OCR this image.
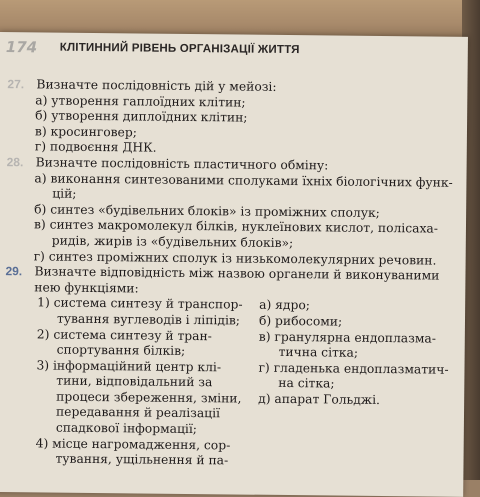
174 КЛІТИННИЙ РІВЕНЬ ОРГАНІЗАЦІЇ ЖИТТЯ
27. Визначте послідовність дій у мейозі:
а) утворення гаплоїдних клітин;
б) утворення диплоїдних клітин;
в) кросинговер;
г) подвоєння ДНК.
28. Визначте послідовність пластичного обміну:
а) виконання синтезованими сполуками їхніх біологічних функ-
цій;
б) синтез «будівельних блоків» із проміжних сполук;
в) синтез макромолекул білків, нуклеїнових кислот, полісаха-
ридів, жирів із «будівельних блоків»;
г) синтез проміжних сполук із низькомолекулярних речовин.
29. Визначте відповідність між назвою органели й виконуваними
нею функціями:
1) система синтезу й транспор-
тування вуглеводів і ліпідів;
2) система синтезу й тран-
спортування білків;
3) інформаційний центр клі-
тини, відповідальний за
процеси збереження, зміни,
передавання й реалізації
спадкової інформації;
4) місце нагромадження, сор-
тування, ущільнення й па-
а) ядро;
б) рибосоми;
в) гранулярна ендоплазма-
тична сітка;
г) гладенька ендоплазматич-
на сітка;
д) апарат Гольджі.
